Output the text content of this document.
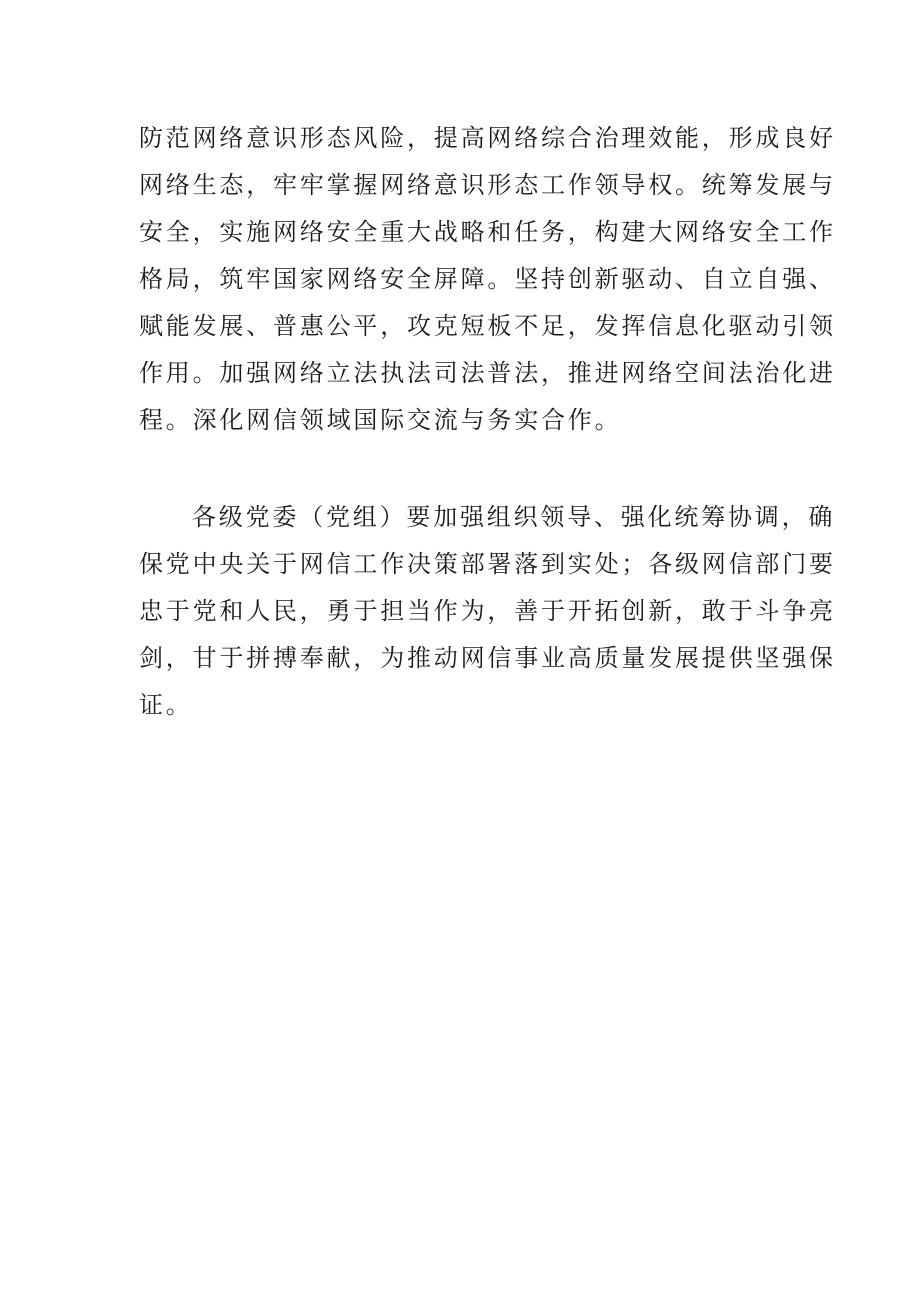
防范网络意识形态风险，提高网络综合治理效能，形成良好
网络生态，牢牢掌握网络意识形态工作领导权。统筹发展与
安全，实施网络安全重大战略和任务，构建大网络安全工作
格局，筑牢国家网络安全屏障。坚持创新驱动、自立自强、
赋能发展、普惠公平，攻克短板不足，发挥信息化驱动引领
作用。加强网络立法执法司法普法，推进网络空间法治化进
程。深化网信领域国际交流与务实合作。

各级党委（党组）要加强组织领导、强化统筹协调，确
保党中央关于网信工作决策部署落到实处；各级网信部门要
忠于党和人民，勇于担当作为，善于开拓创新，敢于斗争亮
剑，甘于拼搏奉献，为推动网信事业高质量发展提供坚强保
证。
